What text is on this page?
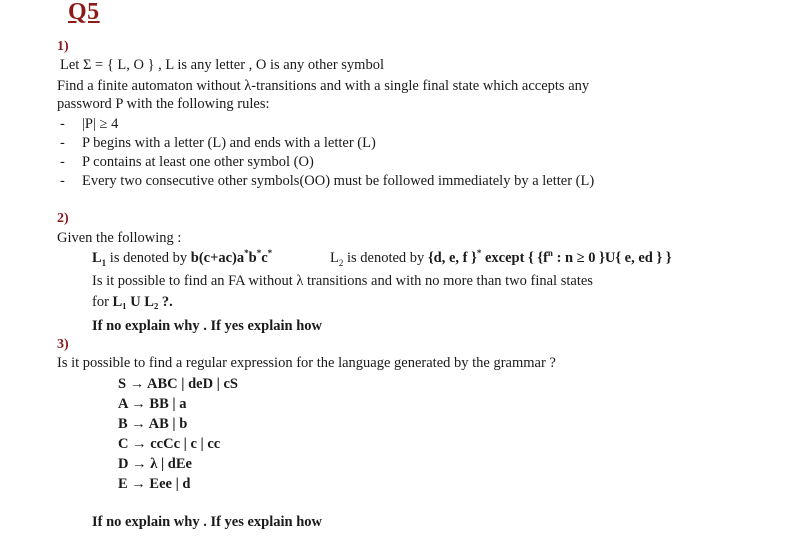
Q5
1)
Let Σ = { L, O } , L is any letter , O is any other symbol
Find a finite automaton without λ-transitions and with a single final state which accepts any
password P with the following rules:
-	|P| ≥ 4
-	P begins with a letter (L) and ends with a letter (L)
-	P contains at least one other symbol (O)
-	Every two consecutive other symbols(OO) must be followed immediately by a letter (L)
2)
Given the following :
$L_1$ is denoted by b(c+ac)a*b*c*	$L_2$ is denoted by {d, e, f }* except { {$f^n$ : n ≥ 0 }U{ e, ed } }
Is it possible to find an FA without λ transitions and with no more than two final states
for L₁ U L₂ ?.
If no explain why . If yes explain how
3)
Is it possible to find a regular expression for the language generated by the grammar ?
S → ABC | deD | cS
A → BB | a
B → AB | b
C → ccCc | c | cc
D → λ | dEe
E → Eee | d
If no explain why . If yes explain how
